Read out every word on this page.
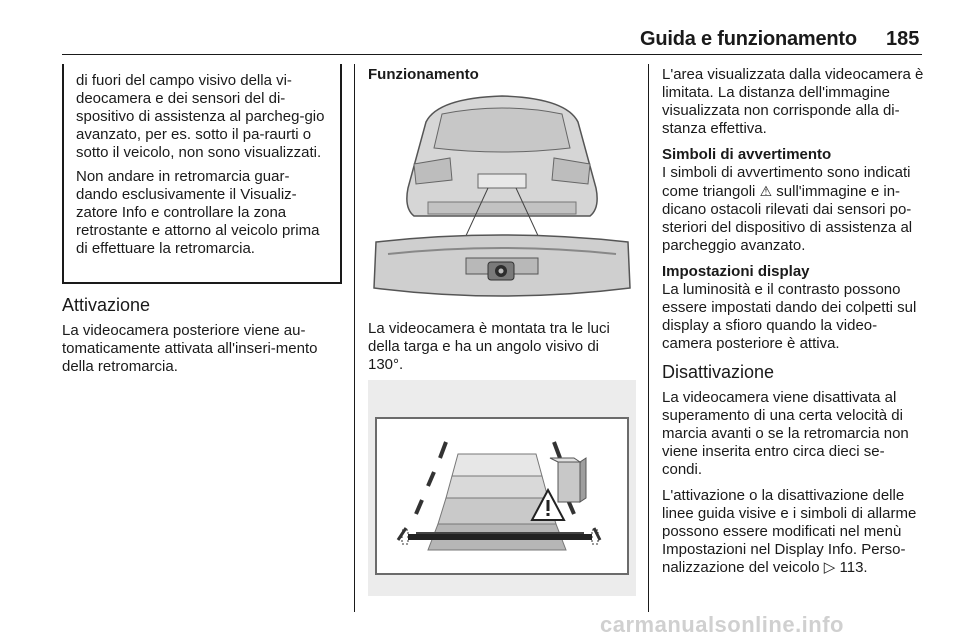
Guida e funzionamento 185

di fuori del campo visivo della vi-deocamera e dei sensori del di-spositivo di assistenza al parcheg-gio avanzato, per es. sotto il pa-raurti o sotto il veicolo, non sono visualizzati.

Non andare in retromarcia guar-dando esclusivamente il Visualiz-zatore Info e controllare la zona retrostante e attorno al veicolo prima di effettuare la retromarcia.

Attivazione

La videocamera posteriore viene au-tomaticamente attivata all'inseri-mento della retromarcia.

Funzionamento

La videocamera è montata tra le luci della targa e ha un angolo visivo di 130°.

L'area visualizzata dalla videocamera è limitata. La distanza dell'immagine visualizzata non corrisponde alla di-stanza effettiva.

Simboli di avvertimento

I simboli di avvertimento sono indicati come triangoli ⚠ sull'immagine e in-dicano ostacoli rilevati dai sensori po-steriori del dispositivo di assistenza al parcheggio avanzato.

Impostazioni display

La luminosità e il contrasto possono essere impostati dando dei colpetti sul display a sfioro quando la video-camera posteriore è attiva.

Disattivazione

La videocamera viene disattivata al superamento di una certa velocità di marcia avanti o se la retromarcia non viene inserita entro circa dieci se-condi.

L'attivazione o la disattivazione delle linee guida visive e i simboli di allarme possono essere modificati nel menù Impostazioni nel Display Info. Perso-nalizzazione del veicolo ▷ 113.

carmanualsonline.info
